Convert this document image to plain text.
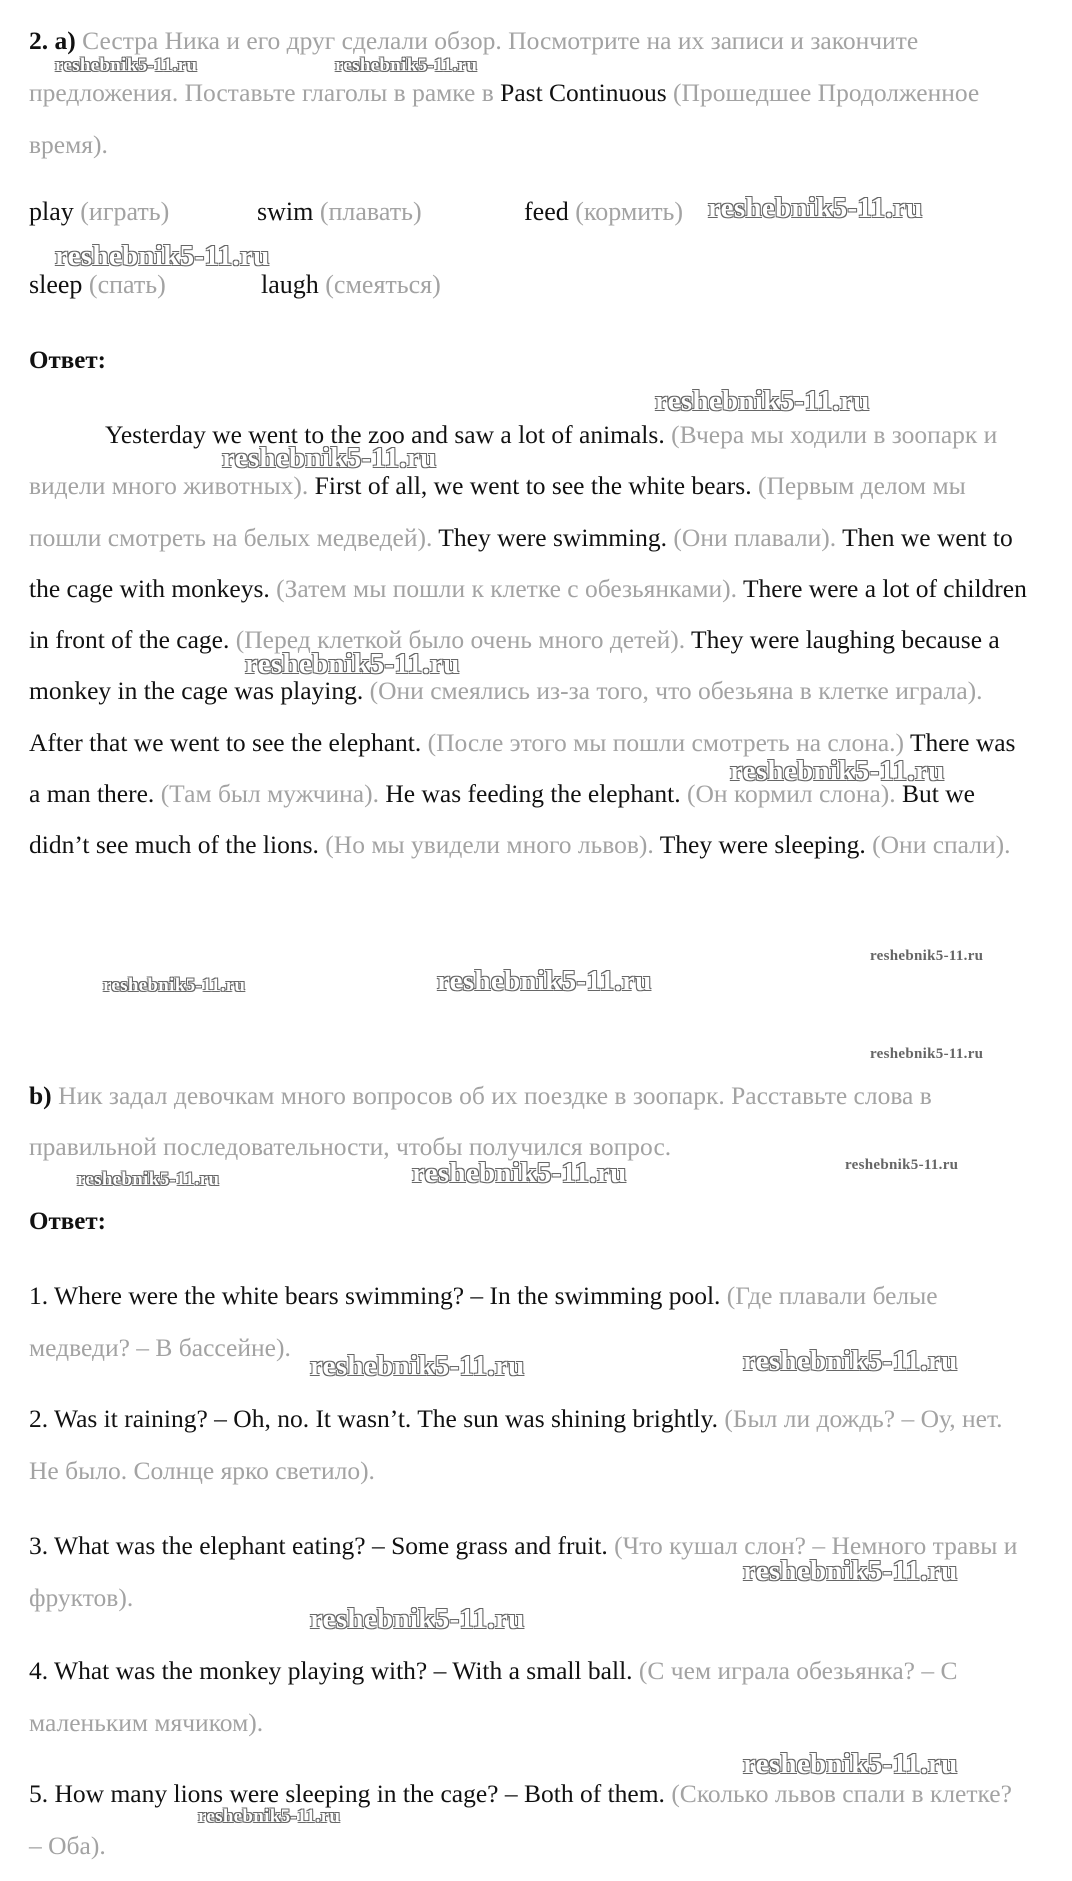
2. a) Сестра Ника и его друг сделали обзор. Посмотрите на их записи и закончите предложения. Поставьте глаголы в рамке в Past Continuous (Прошедшее Продолженное время).
play (играть)	swim (плавать)	feed (кормить)
sleep (спать)	laugh (смеяться)
Ответ:
Yesterday we went to the zoo and saw a lot of animals. (Вчера мы ходили в зоопарк и видели много животных). First of all, we went to see the white bears. (Первым делом мы пошли смотреть на белых медведей). They were swimming. (Они плавали). Then we went to the cage with monkeys. (Затем мы пошли к клетке с обезьянками). There were a lot of children in front of the cage. (Перед клеткой было очень много детей). They were laughing because a monkey in the cage was playing. (Они смеялись из-за того, что обезьяна в клетке играла). After that we went to see the elephant. (После этого мы пошли смотреть на слона.) There was a man there. (Там был мужчина). He was feeding the elephant. (Он кормил слона). But we didn’t see much of the lions. (Но мы увидели много львов). They were sleeping. (Они спали).
b) Ник задал девочкам много вопросов об их поездке в зоопарк. Расставьте слова в правильной последовательности, чтобы получился вопрос.
Ответ:
1. Where were the white bears swimming? – In the swimming pool. (Где плавали белые медведи? – В бассейне).
2. Was it raining? – Oh, no. It wasn’t. The sun was shining brightly. (Был ли дождь? – Оу, нет. Не было. Солнце ярко светило).
3. What was the elephant eating? – Some grass and fruit. (Что кушал слон? – Немного травы и фруктов).
4. What was the monkey playing with? – With a small ball. (С чем играла обезьянка? – С маленьким мячиком).
5. How many lions were sleeping in the cage? – Both of them. (Сколько львов спали в клетке? – Оба).
reshebnik5-11.ru	reshebnik5-11.ru
reshebnik5-11.ru
reshebnik5-11.ru
reshebnik5-11.ru
reshebnik5-11.ru
reshebnik5-11.ru
reshebnik5-11.ru
reshebnik5-11.ru
reshebnik5-11.ru	reshebnik5-11.ru
reshebnik5-11.ru
reshebnik5-11.ru
reshebnik5-11.ru	reshebnik5-11.ru
reshebnik5-11.ru	reshebnik5-11.ru
reshebnik5-11.ru
reshebnik5-11.ru
reshebnik5-11.ru
reshebnik5-11.ru
